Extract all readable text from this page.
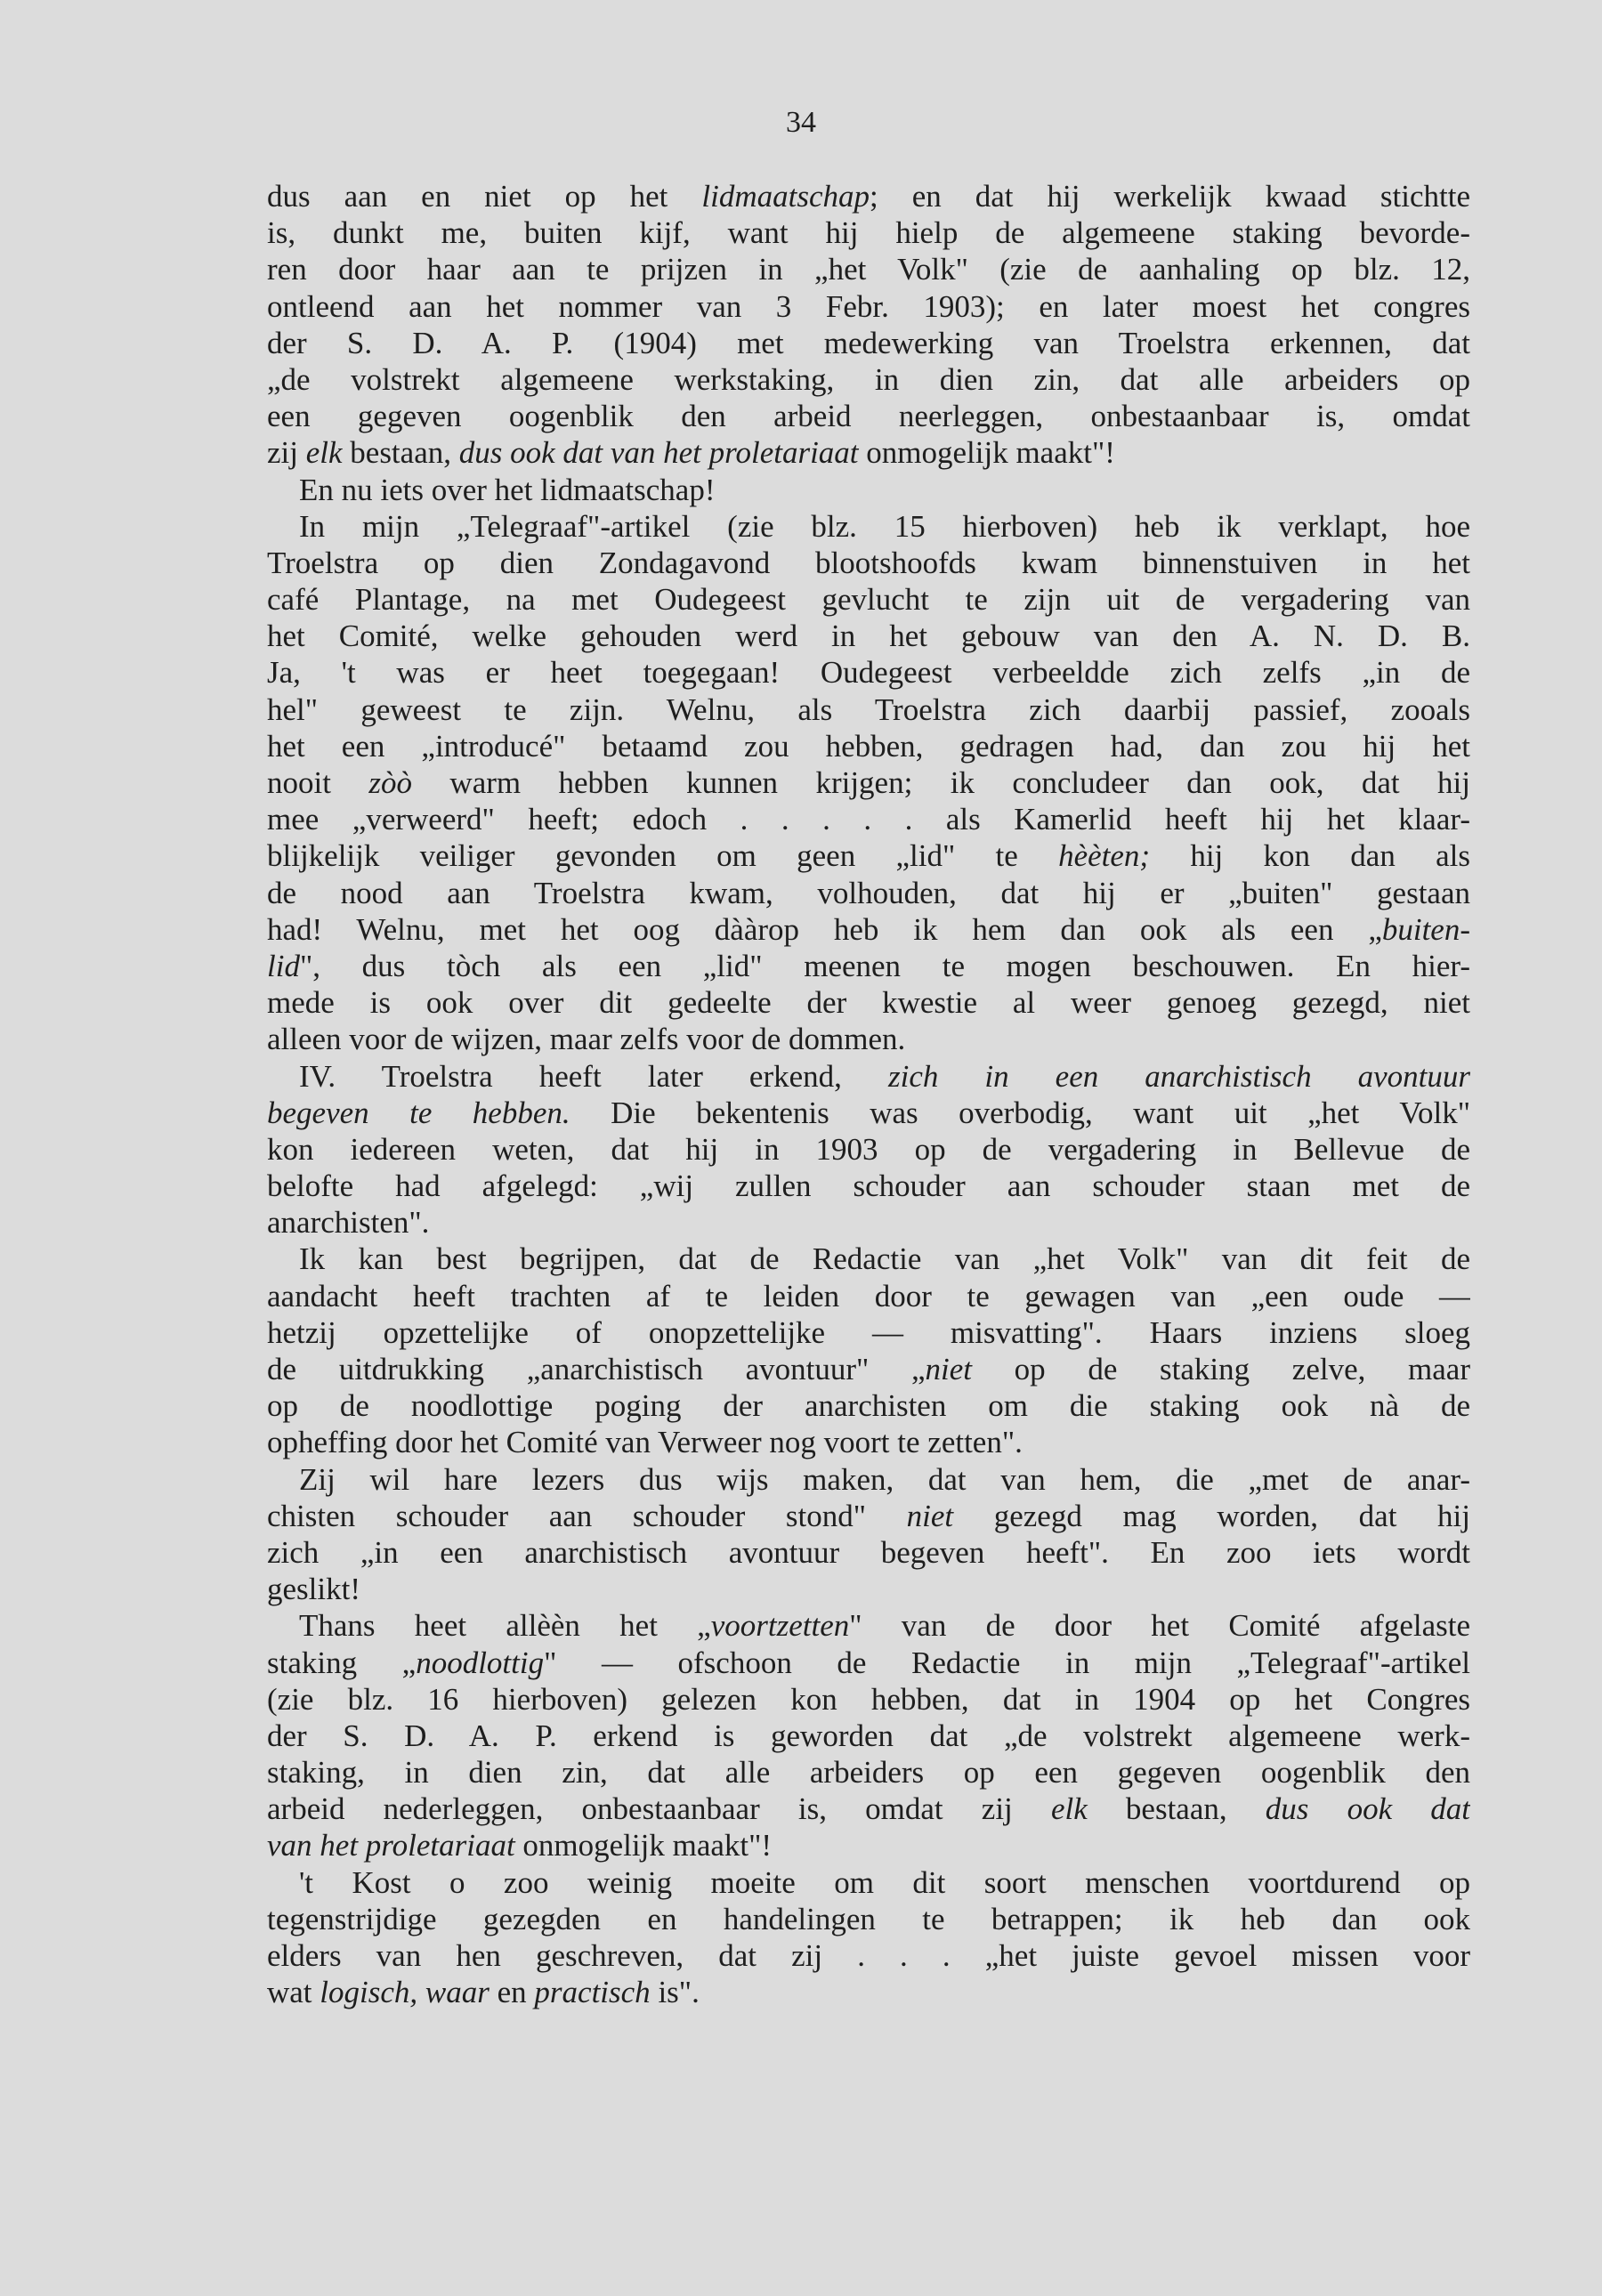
34
dus aan en niet op het lidmaatschap; en dat hij werkelijk kwaad stichtte
is, dunkt me, buiten kijf, want hij hielp de algemeene staking bevorde-
ren door haar aan te prijzen in „het Volk" (zie de aanhaling op blz. 12,
ontleend aan het nommer van 3 Febr. 1903); en later moest het congres
der S. D. A. P. (1904) met medewerking van Troelstra erkennen, dat
„de volstrekt algemeene werkstaking, in dien zin, dat alle arbeiders op
een gegeven oogenblik den arbeid neerleggen, onbestaanbaar is, omdat
zij elk bestaan, dus ook dat van het proletariaat onmogelijk maakt"!
En nu iets over het lidmaatschap!
In mijn „Telegraaf"-artikel (zie blz. 15 hierboven) heb ik verklapt, hoe
Troelstra op dien Zondagavond blootshoofds kwam binnenstuiven in het
café Plantage, na met Oudegeest gevlucht te zijn uit de vergadering van
het Comité, welke gehouden werd in het gebouw van den A. N. D. B.
Ja, 't was er heet toegegaan! Oudegeest verbeeldde zich zelfs „in de
hel" geweest te zijn. Welnu, als Troelstra zich daarbij passief, zooals
het een „introducé" betaamd zou hebben, gedragen had, dan zou hij het
nooit zòò warm hebben kunnen krijgen; ik concludeer dan ook, dat hij
mee „verweerd" heeft; edoch . . . . . als Kamerlid heeft hij het klaar-
blijkelijk veiliger gevonden om geen „lid" te hèèten; hij kon dan als
de nood aan Troelstra kwam, volhouden, dat hij er „buiten" gestaan
had! Welnu, met het oog dààrop heb ik hem dan ook als een „buiten-
lid", dus tòch als een „lid" meenen te mogen beschouwen. En hier-
mede is ook over dit gedeelte der kwestie al weer genoeg gezegd, niet
alleen voor de wijzen, maar zelfs voor de dommen.
IV. Troelstra heeft later erkend, zich in een anarchistisch avontuur
begeven te hebben. Die bekentenis was overbodig, want uit „het Volk"
kon iedereen weten, dat hij in 1903 op de vergadering in Bellevue de
belofte had afgelegd: „wij zullen schouder aan schouder staan met de
anarchisten".
Ik kan best begrijpen, dat de Redactie van „het Volk" van dit feit de
aandacht heeft trachten af te leiden door te gewagen van „een oude —
hetzij opzettelijke of onopzettelijke — misvatting". Haars inziens sloeg
de uitdrukking „anarchistisch avontuur" „niet op de staking zelve, maar
op de noodlottige poging der anarchisten om die staking ook nà de
opheffing door het Comité van Verweer nog voort te zetten".
Zij wil hare lezers dus wijs maken, dat van hem, die „met de anar-
chisten schouder aan schouder stond" niet gezegd mag worden, dat hij
zich „in een anarchistisch avontuur begeven heeft". En zoo iets wordt
geslikt!
Thans heet allèèn het „voortzetten" van de door het Comité afgelaste
staking „noodlottig" — ofschoon de Redactie in mijn „Telegraaf"-artikel
(zie blz. 16 hierboven) gelezen kon hebben, dat in 1904 op het Congres
der S. D. A. P. erkend is geworden dat „de volstrekt algemeene werk-
staking, in dien zin, dat alle arbeiders op een gegeven oogenblik den
arbeid nederleggen, onbestaanbaar is, omdat zij elk bestaan, dus ook dat
van het proletariaat onmogelijk maakt"!
't Kost o zoo weinig moeite om dit soort menschen voortdurend op
tegenstrijdige gezegden en handelingen te betrappen; ik heb dan ook
elders van hen geschreven, dat zij . . . „het juiste gevoel missen voor
wat logisch, waar en practisch is".
